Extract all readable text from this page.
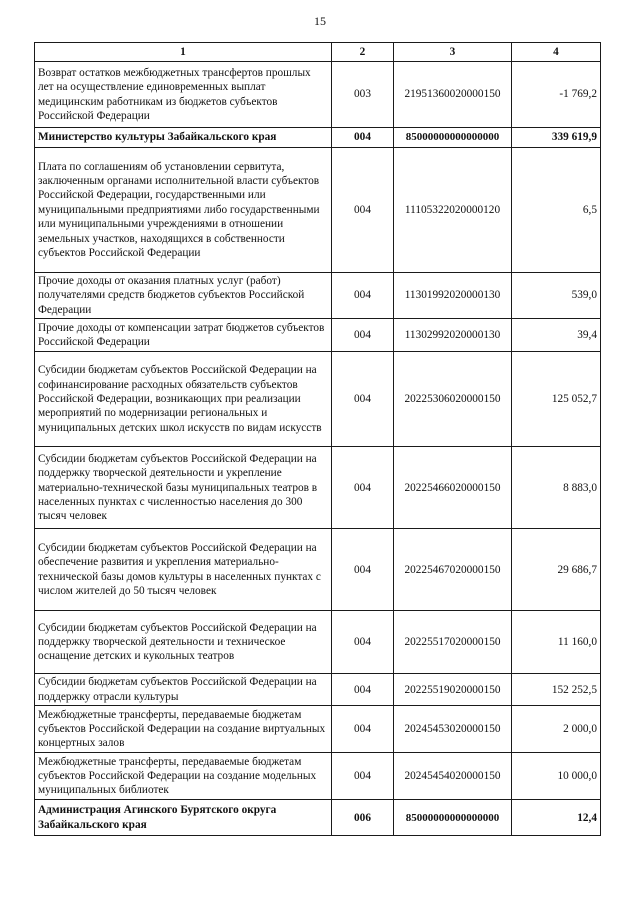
15
1	2	3	4
Возврат остатков межбюджетных трансфертов прошлых лет на осуществление единовременных выплат медицинским работникам из бюджетов субъектов Российской Федерации	003	21951360020000150	-1 769,2
Министерство культуры Забайкальского края	004	85000000000000000	339 619,9
Плата по соглашениям об установлении сервитута, заключенным органами исполнительной власти субъектов Российской Федерации, государственными или муниципальными предприятиями либо государственными или муниципальными учреждениями в отношении земельных участков, находящихся в собственности субъектов Российской Федерации	004	11105322020000120	6,5
Прочие доходы от оказания платных услуг (работ) получателями средств бюджетов субъектов Российской Федерации	004	11301992020000130	539,0
Прочие доходы от компенсации затрат бюджетов субъектов Российской Федерации	004	11302992020000130	39,4
Субсидии бюджетам субъектов Российской Федерации на софинансирование расходных обязательств субъектов Российской Федерации, возникающих при реализации мероприятий по модернизации региональных и муниципальных детских школ искусств по видам искусств	004	20225306020000150	125 052,7
Субсидии бюджетам субъектов Российской Федерации на поддержку творческой деятельности и укрепление материально-технической базы муниципальных театров в населенных пунктах с численностью населения до 300 тысяч человек	004	20225466020000150	8 883,0
Субсидии бюджетам субъектов Российской Федерации на обеспечение развития и укрепления материально-технической базы домов культуры в населенных пунктах с числом жителей до 50 тысяч человек	004	20225467020000150	29 686,7
Субсидии бюджетам субъектов Российской Федерации на поддержку творческой деятельности и техническое оснащение детских и кукольных театров	004	20225517020000150	11 160,0
Субсидии бюджетам субъектов Российской Федерации на поддержку отрасли культуры	004	20225519020000150	152 252,5
Межбюджетные трансферты, передаваемые бюджетам субъектов Российской Федерации на создание виртуальных концертных залов	004	20245453020000150	2 000,0
Межбюджетные трансферты, передаваемые бюджетам субъектов Российской Федерации на создание модельных муниципальных библиотек	004	20245454020000150	10 000,0
Администрация Агинского Бурятского округа Забайкальского края	006	85000000000000000	12,4
